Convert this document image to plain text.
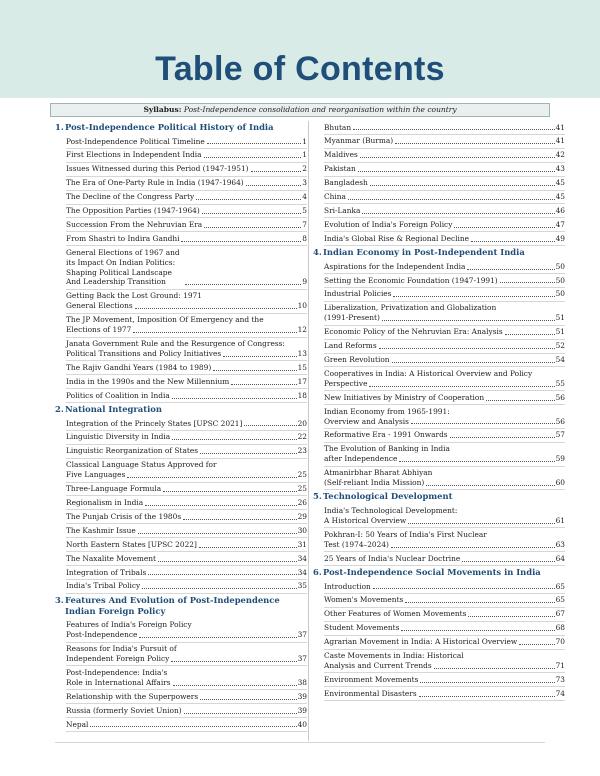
Table of Contents
Syllabus: Post-Independence consolidation and reorganisation within the country
1. Post-Independence Political History of India
Post-Independence Political Timeline	1
First Elections in Independent India	1
Issues Witnessed during this Period (1947-1951)	2
The Era of One-Party Rule in India (1947-1964)	3
The Decline of the Congress Party	4
The Opposition Parties (1947-1964)	5
Succession From the Nehruvian Era	7
From Shastri to Indira Gandhi	8
General Elections of 1967 and its Impact On Indian Politics: Shaping Political Landscape And Leadership Transition	9
Getting Back the Lost Ground: 1971
General Elections	10
The JP Movement, Imposition Of Emergency and the
Elections of 1977	12
Janata Government Rule and the Resurgence of Congress:
Political Transitions and Policy Initiatives	13
The Rajiv Gandhi Years (1984 to 1989)	15
India in the 1990s and the New Millennium	17
Politics of Coalition in India	18
2. National Integration
Integration of the Princely States [UPSC 2021]	20
Linguistic Diversity in India	22
Linguistic Reorganization of States	23
Classical Language Status Approved for
Five Languages	25
Three-Language Formula	25
Regionalism in India	26
The Punjab Crisis of the 1980s	29
The Kashmir Issue	30
North Eastern States [UPSC 2022]	31
The Naxalite Movement	34
Integration of Tribals	34
India's Tribal Policy	35
3. Features And Evolution of Post-Independence Indian Foreign Policy
Features of India's Foreign Policy
Post-Independence	37
Reasons for India's Pursuit of
Independent Foreign Policy	37
Post-Independence: India's
Role in International Affairs	38
Relationship with the Superpowers	39
Russia (formerly Soviet Union)	39
Nepal	40
Bhutan	41
Myanmar (Burma)	41
Maldives	42
Pakistan	43
Bangladesh	45
China	45
Sri-Lanka	46
Evolution of India's Foreign Policy	47
India's Global Rise & Regional Decline	49
4. Indian Economy in Post-Independent India
Aspirations for the Independent India	50
Setting the Economic Foundation (1947-1991)	50
Industrial Policies	50
Liberalization, Privatization and Globalization
(1991-Present)	51
Economic Policy of the Nehruvian Era: Analysis	51
Land Reforms	52
Green Revolution	54
Cooperatives in India: A Historical Overview and Policy
Perspective	55
New Initiatives by Ministry of Cooperation	56
Indian Economy from 1965-1991:
Overview and Analysis	56
Reformative Era - 1991 Onwards	57
The Evolution of Banking in India
after Independence	59
Atmanirbhar Bharat Abhiyan
(Self-reliant India Mission)	60
5. Technological Development
India's Technological Development:
A Historical Overview	61
Pokhran-I: 50 Years of India's First Nuclear
Test (1974–2024)	63
25 Years of India's Nuclear Doctrine	64
6. Post-Independence Social Movements in India
Introduction	65
Women's Movements	65
Other Features of Women Movements	67
Student Movements	68
Agrarian Movement in India: A Historical Overview	70
Caste Movements in India: Historical
Analysis and Current Trends	71
Environment Movements	73
Environmental Disasters	74
